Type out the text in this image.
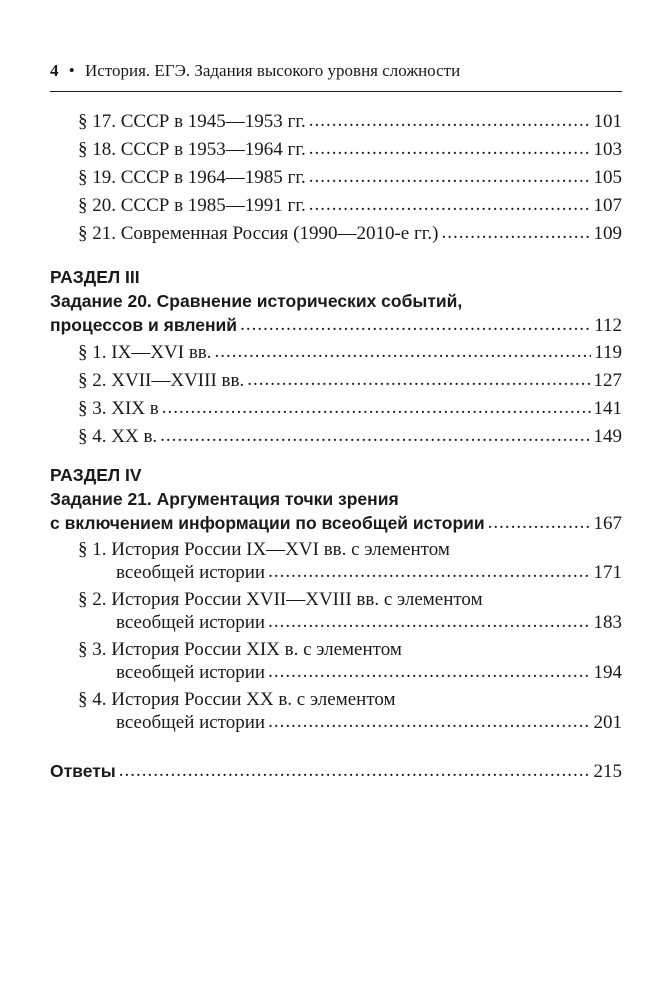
4 • История. ЕГЭ. Задания высокого уровня сложности
§ 17. СССР в 1945—1953 гг. .....	101
§ 18. СССР в 1953—1964 гг. .....	103
§ 19. СССР в 1964—1985 гг. .....	105
§ 20. СССР в 1985—1991 гг. .....	107
§ 21. Современная Россия (1990—2010-е гг.) .....	109
РАЗДЕЛ III
Задание 20. Сравнение исторических событий,
процессов и явлений .....	112
§ 1. IX—XVI вв. .....	119
§ 2. XVII—XVIII вв. .....	127
§ 3. XIX в .....	141
§ 4. XX в. .....	149
РАЗДЕЛ IV
Задание 21. Аргументация точки зрения
с включением информации по всеобщей истории .....	167
§ 1. История России IX—XVI вв. с элементом
всеобщей истории .....	171
§ 2. История России XVII—XVIII вв. с элементом
всеобщей истории .....	183
§ 3. История России XIX в. с элементом
всеобщей истории .....	194
§ 4. История России XX в. с элементом
всеобщей истории .....	201
Ответы .....	215
